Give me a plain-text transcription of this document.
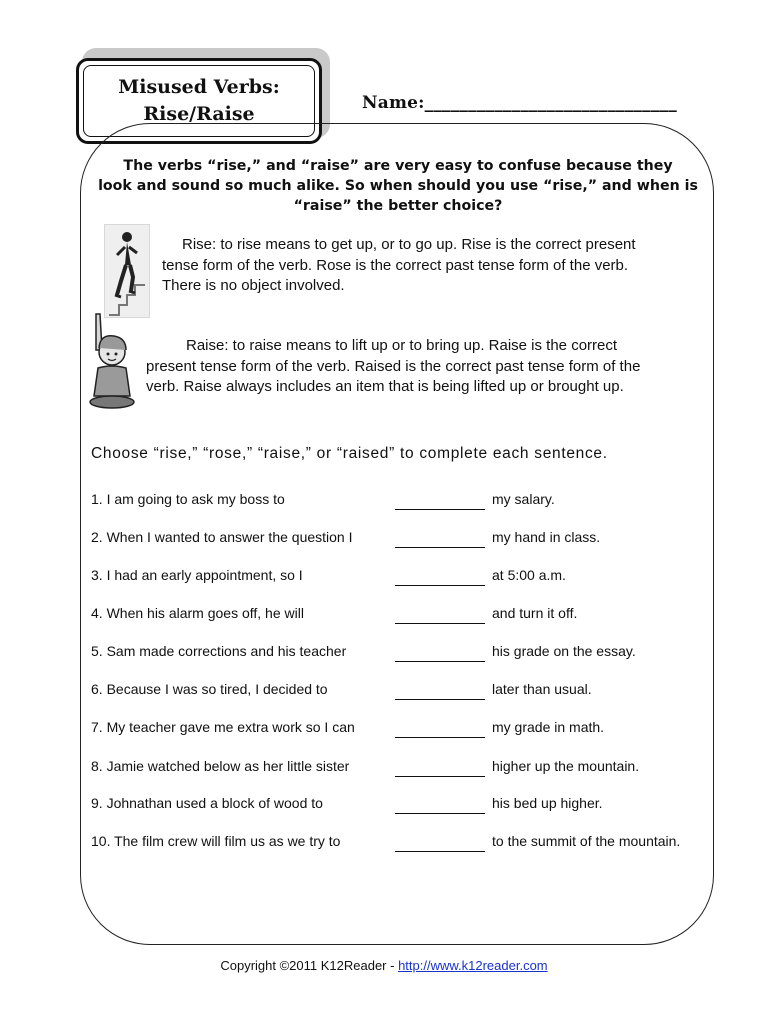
Misused Verbs:
Rise/Raise	Name:_____________________________
The verbs “rise,” and “raise” are very easy to confuse because they
look and sound so much alike. So when should you use “rise,” and when is
“raise” the better choice?
Rise: to rise means to get up, or to go up. Rise is the correct present
tense form of the verb. Rose is the correct past tense form of the verb.
There is no object involved.
Raise: to raise means to lift up or to bring up. Raise is the correct
present tense form of the verb. Raised is the correct past tense form of the
verb. Raise always includes an item that is being lifted up or brought up.
Choose “rise,” “rose,” “raise,” or “raised” to complete each sentence.
1. I am going to ask my boss to	my salary.
2. When I wanted to answer the question I	my hand in class.
3. I had an early appointment, so I	at 5:00 a.m.
4. When his alarm goes off, he will	and turn it off.
5. Sam made corrections and his teacher	his grade on the essay.
6. Because I was so tired, I decided to	later than usual.
7. My teacher gave me extra work so I can	my grade in math.
8. Jamie watched below as her little sister	higher up the mountain.
9. Johnathan used a block of wood to	his bed up higher.
10. The film crew will film us as we try to	to the summit of the mountain.
Copyright ©2011 K12Reader - http://www.k12reader.com
